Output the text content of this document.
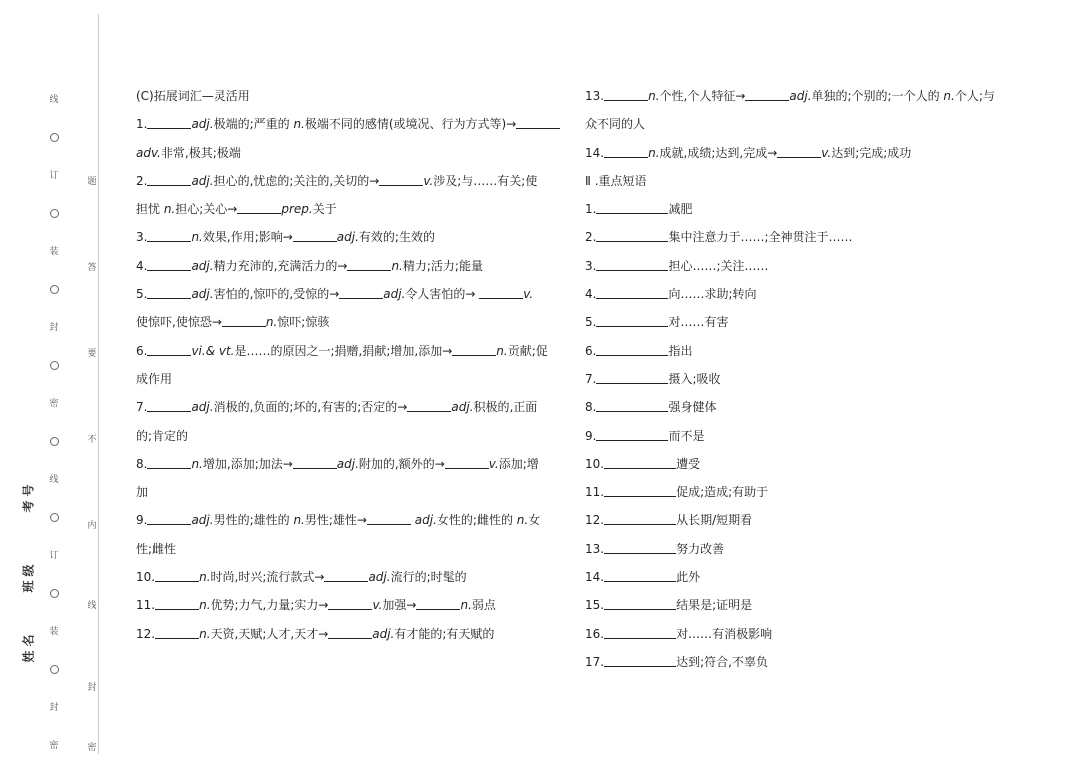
线
订
装
封
密
线
订
装
封
密
题
答
要
不
内
线
封
密
考号
班级
姓名
(C)拓展词汇—灵活用
1.	adj.极端的;严重的 n.极端不同的感情(或境况、行为方式等)→
adv.非常,极其;极端
2.	adj.担心的,忧虑的;关注的,关切的→	v.涉及;与……有关;使
担忧 n.担心;关心→	prep.关于
3.	n.效果,作用;影响→	adj.有效的;生效的
4.	adj.精力充沛的,充满活力的→	n.精力;活力;能量
5.	adj.害怕的,惊吓的,受惊的→	adj.令人害怕的→	v.
使惊吓,使惊恐→	n.惊吓;惊骇
6.	vi.& vt.是……的原因之一;捐赠,捐献;增加,添加→	n.贡献;促
成作用
7.	adj.消极的,负面的;坏的,有害的;否定的→	adj.积极的,正面
的;肯定的
8.	n.增加,添加;加法→	adj.附加的,额外的→	v.添加;增
加
9.	adj.男性的;雄性的 n.男性;雄性→	adj.女性的;雌性的 n.女
性;雌性
10.	n.时尚,时兴;流行款式→	adj.流行的;时髦的
11.	n.优势;力气,力量;实力→	v.加强→	n.弱点
12.	n.天资,天赋;人才,天才→	adj.有才能的;有天赋的
13.	n.个性,个人特征→	adj.单独的;个别的;一个人的 n.个人;与
众不同的人
14.	n.成就,成绩;达到,完成→	v.达到;完成;成功
Ⅱ .重点短语
1.	减肥
2.	集中注意力于……;全神贯注于……
3.	担心……;关注……
4.	向……求助;转向
5.	对……有害
6.	指出
7.	摄入;吸收
8.	强身健体
9.	而不是
10.	遭受
11.	促成;造成;有助于
12.	从长期/短期看
13.	努力改善
14.	此外
15.	结果是;证明是
16.	对……有消极影响
17.	达到;符合,不辜负
